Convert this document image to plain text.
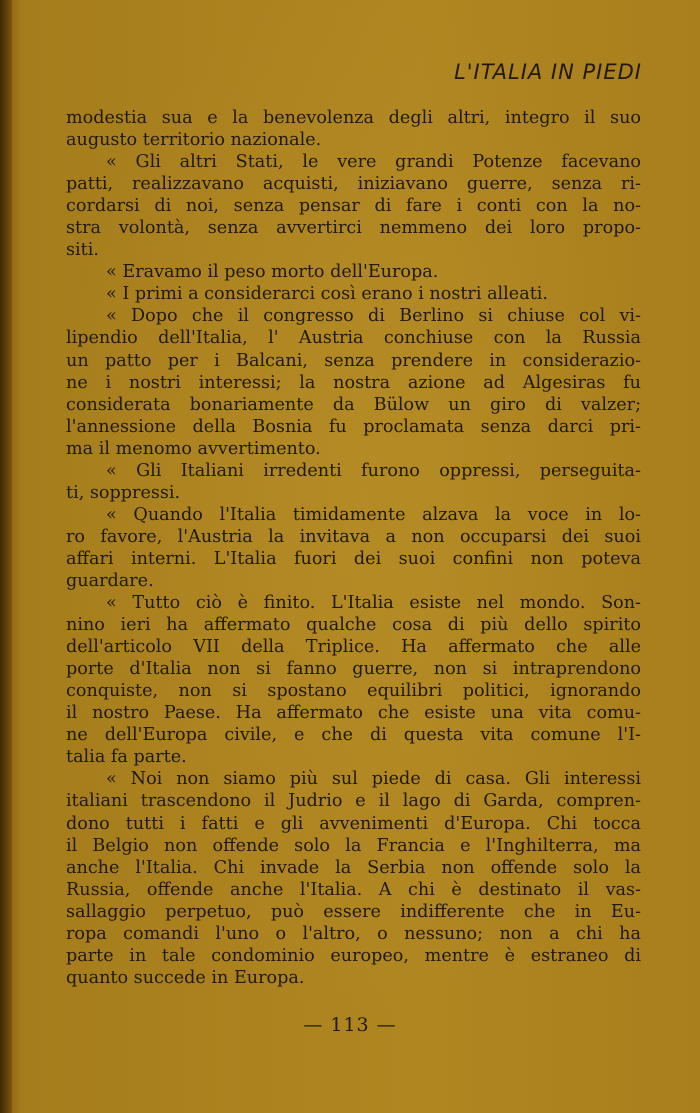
L'ITALIA IN PIEDI
modestia sua e la benevolenza degli altri, integro il suo
augusto territorio nazionale.
« Gli altri Stati, le vere grandi Potenze facevano
patti, realizzavano acquisti, iniziavano guerre, senza ri-
cordarsi di noi, senza pensar di fare i conti con la no-
stra volontà, senza avvertirci nemmeno dei loro propo-
siti.
« Eravamo il peso morto dell'Europa.
« I primi a considerarci così erano i nostri alleati.
« Dopo che il congresso di Berlino si chiuse col vi-
lipendio dell'Italia, l' Austria conchiuse con la Russia
un patto per i Balcani, senza prendere in considerazio-
ne i nostri interessi; la nostra azione ad Algesiras fu
considerata bonariamente da Bülow un giro di valzer;
l'annessione della Bosnia fu proclamata senza darci pri-
ma il menomo avvertimento.
« Gli Italiani irredenti furono oppressi, perseguita-
ti, soppressi.
« Quando l'Italia timidamente alzava la voce in lo-
ro favore, l'Austria la invitava a non occuparsi dei suoi
affari interni. L'Italia fuori dei suoi confini non poteva
guardare.
« Tutto ciò è finito. L'Italia esiste nel mondo. Son-
nino ieri ha affermato qualche cosa di più dello spirito
dell'articolo VII della Triplice. Ha affermato che alle
porte d'Italia non si fanno guerre, non si intraprendono
conquiste, non si spostano equilibri politici, ignorando
il nostro Paese. Ha affermato che esiste una vita comu-
ne dell'Europa civile, e che di questa vita comune l'I-
talia fa parte.
« Noi non siamo più sul piede di casa. Gli interessi
italiani trascendono il Judrio e il lago di Garda, compren-
dono tutti i fatti e gli avvenimenti d'Europa. Chi tocca
il Belgio non offende solo la Francia e l'Inghilterra, ma
anche l'Italia. Chi invade la Serbia non offende solo la
Russia, offende anche l'Italia. A chi è destinato il vas-
sallaggio perpetuo, può essere indifferente che in Eu-
ropa comandi l'uno o l'altro, o nessuno; non a chi ha
parte in tale condominio europeo, mentre è estraneo di
quanto succede in Europa.
— 113 —
